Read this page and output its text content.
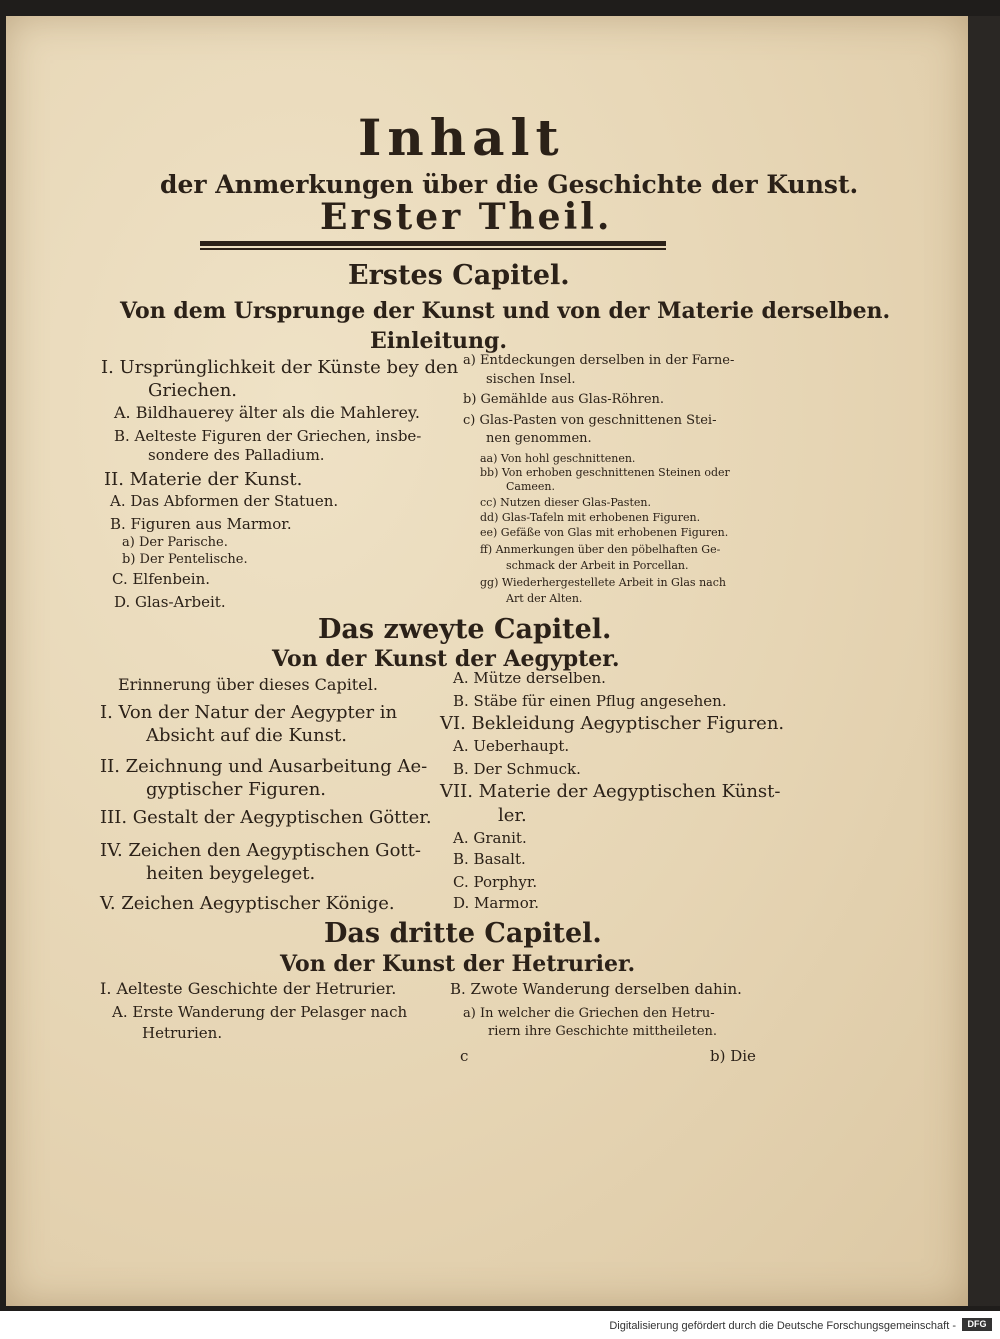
Inhalt
der Anmerkungen über die Geschichte der Kunst.
Erster Theil.
Erstes Capitel.
Von dem Ursprunge der Kunst und von der Materie derselben.
Einleitung.
I. Ursprünglichkeit der Künste bey den
Griechen.
A. Bildhauerey älter als die Mahlerey.
B. Aelteste Figuren der Griechen, insbe-
sondere des Palladium.
II. Materie der Kunst.
A. Das Abformen der Statuen.
B. Figuren aus Marmor.
a) Der Parische.
b) Der Pentelische.
C. Elfenbein.
D. Glas-Arbeit.
a) Entdeckungen derselben in der Farne-
sischen Insel.
b) Gemählde aus Glas-Röhren.
c) Glas-Pasten von geschnittenen Stei-
nen genommen.
aa) Von hohl geschnittenen.
bb) Von erhoben geschnittenen Steinen oder
Cameen.
cc) Nutzen dieser Glas-Pasten.
dd) Glas-Tafeln mit erhobenen Figuren.
ee) Gefäße von Glas mit erhobenen Figuren.
ff) Anmerkungen über den pöbelhaften Ge-
schmack der Arbeit in Porcellan.
gg) Wiederhergestellete Arbeit in Glas nach
Art der Alten.
Das zweyte Capitel.
Von der Kunst der Aegypter.
Erinnerung über dieses Capitel.
I. Von der Natur der Aegypter in
Absicht auf die Kunst.
II. Zeichnung und Ausarbeitung Ae-
gyptischer Figuren.
III. Gestalt der Aegyptischen Götter.
IV. Zeichen den Aegyptischen Gott-
heiten beygeleget.
V. Zeichen Aegyptischer Könige.
A. Mütze derselben.
B. Stäbe für einen Pflug angesehen.
VI. Bekleidung Aegyptischer Figuren.
A. Ueberhaupt.
B. Der Schmuck.
VII. Materie der Aegyptischen Künst-
ler.
A. Granit.
B. Basalt.
C. Porphyr.
D. Marmor.
Das dritte Capitel.
Von der Kunst der Hetrurier.
I. Aelteste Geschichte der Hetrurier.
A. Erste Wanderung der Pelasger nach
Hetrurien.
B. Zwote Wanderung derselben dahin.
a) In welcher die Griechen den Hetru-
riern ihre Geschichte mittheileten.
c	b) Die
Digitalisierung gefördert durch die Deutsche Forschungsgemeinschaft -	DFG
